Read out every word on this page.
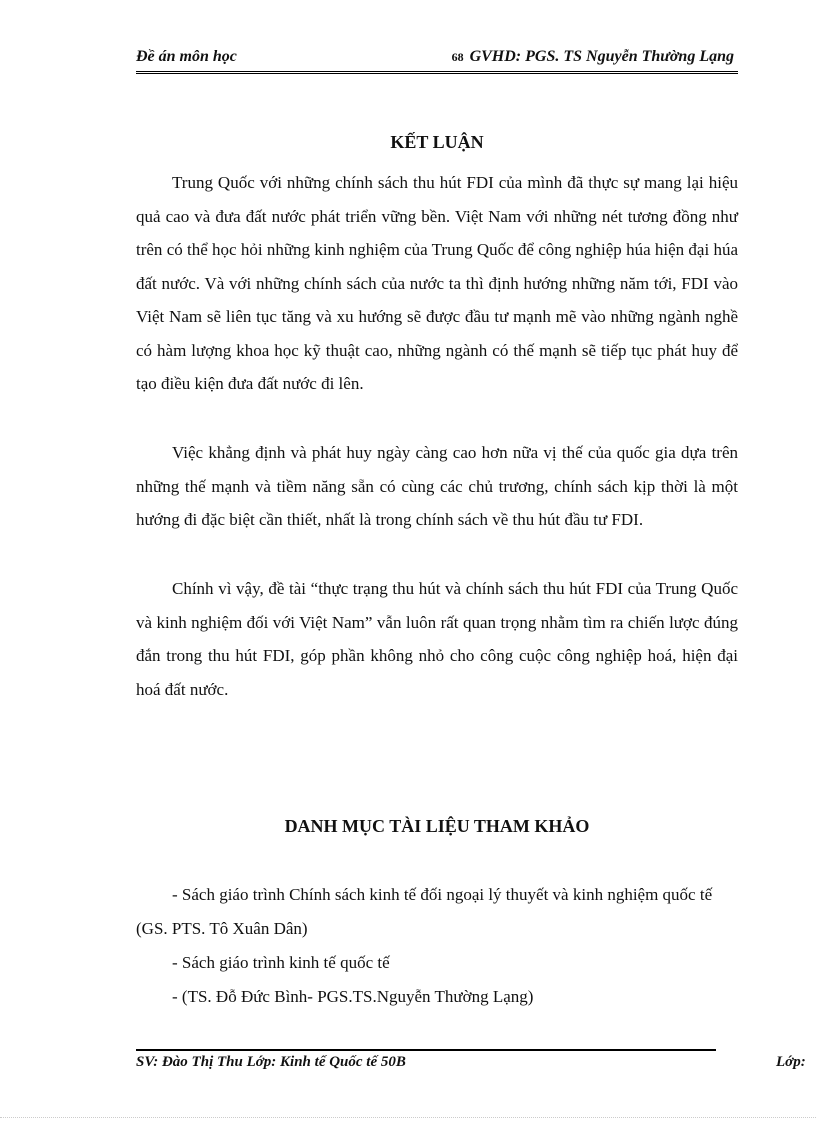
Đề án môn học	68 GVHD: PGS. TS Nguyễn Thường Lạng
KẾT LUẬN
Trung Quốc với những chính sách thu hút FDI của mình đã thực sự mang lại hiệu quả cao và đưa đất nước phát triển vững bền. Việt Nam với những nét tương đồng như trên có thể học hỏi những kinh nghiệm của Trung Quốc để công nghiệp húa hiện đại húa đất nước. Và với những chính sách của nước ta thì định hướng những năm tới, FDI vào Việt Nam sẽ liên tục tăng và xu hướng sẽ được đầu tư mạnh mẽ vào những ngành nghề có hàm lượng khoa học kỹ thuật cao, những ngành có thế mạnh sẽ tiếp tục phát huy để tạo điều kiện đưa đất nước đi lên.
Việc khẳng định và phát huy ngày càng cao hơn nữa vị thế của quốc gia dựa trên những thế mạnh và tiềm năng sẵn có cùng các chủ trương, chính sách kịp thời là một hướng đi đặc biệt cần thiết, nhất là trong chính sách về thu hút đầu tư FDI.
Chính vì vậy, đề tài “thực trạng thu hút và chính sách thu hút FDI của Trung Quốc và kinh nghiệm đối với Việt Nam” vẫn luôn rất quan trọng nhằm tìm ra chiến lược đúng đắn trong thu hút FDI, góp phần không nhỏ cho công cuộc công nghiệp hoá, hiện đại hoá đất nước.
DANH MỤC TÀI LIỆU THAM KHẢO
- Sách giáo trình Chính sách kinh tế đối ngoại lý thuyết và kinh nghiệm quốc tế (GS. PTS. Tô Xuân Dân)
- Sách giáo trình kinh tế quốc tế
- (TS. Đỗ Đức Bình- PGS.TS.Nguyễn Thường Lạng)
SV: Đào Thị Thu Lớp: Kinh tế Quốc tế 50B	Lớp:
